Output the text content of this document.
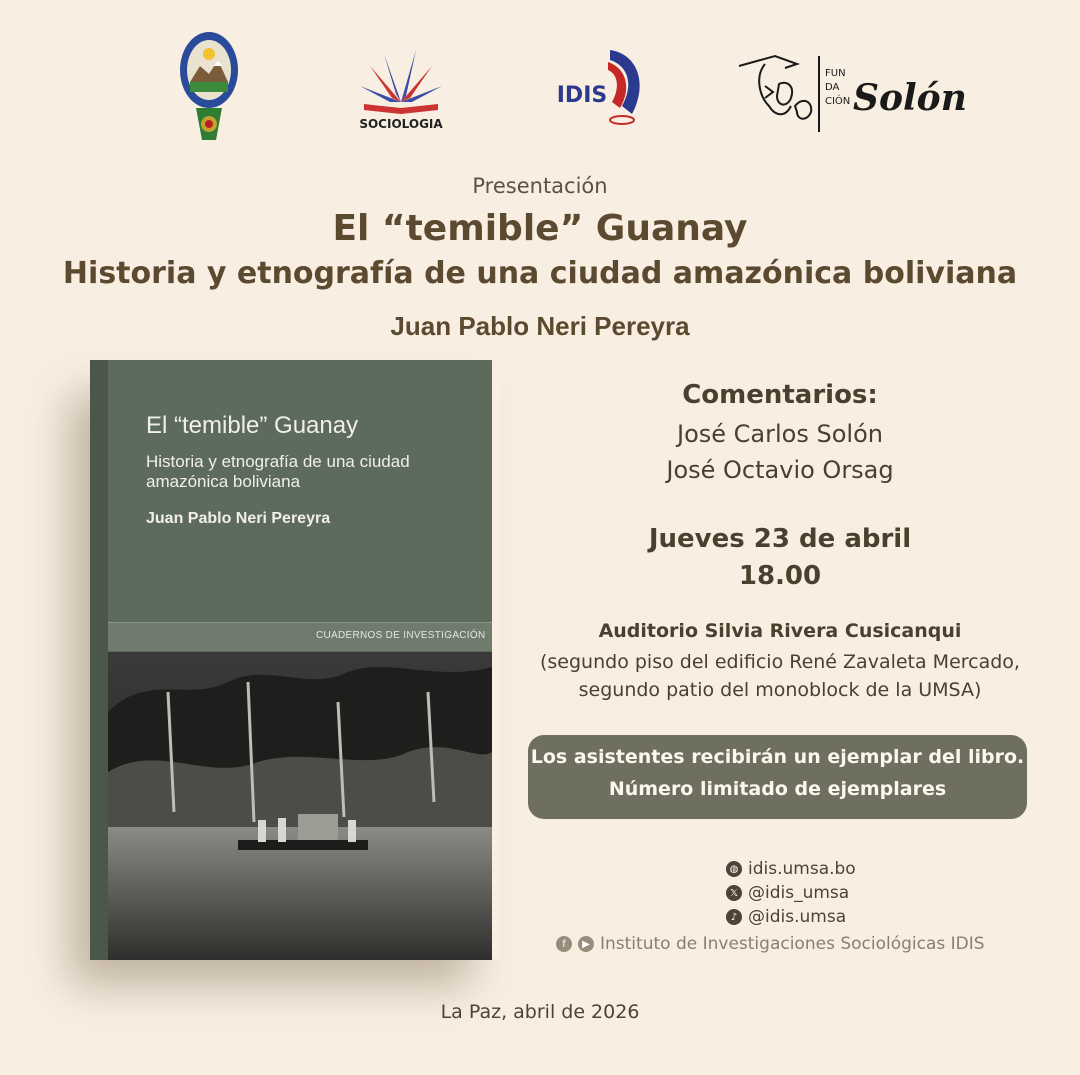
SOCIOLOGIA
IDIS
FUN
DA
CIÓN Solón
Presentación
El “temible” Guanay
Historia y etnografía de una ciudad amazónica boliviana
Juan Pablo Neri Pereyra
El “temible” Guanay
Historia y etnografía de una ciudad amazónica boliviana
Juan Pablo Neri Pereyra
CUADERNOS DE INVESTIGACIÓN
Comentarios:
José Carlos Solón
José Octavio Orsag
Jueves 23 de abril
18.00
Auditorio Silvia Rivera Cusicanqui
(segundo piso del edificio René Zavaleta Mercado,
segundo patio del monoblock de la UMSA)
Los asistentes recibirán un ejemplar del libro.
Número limitado de ejemplares
◍ idis.umsa.bo
𝕏 @idis_umsa
♪ @idis.umsa
f	▶ Instituto de Investigaciones Sociológicas IDIS
La Paz, abril de 2026
